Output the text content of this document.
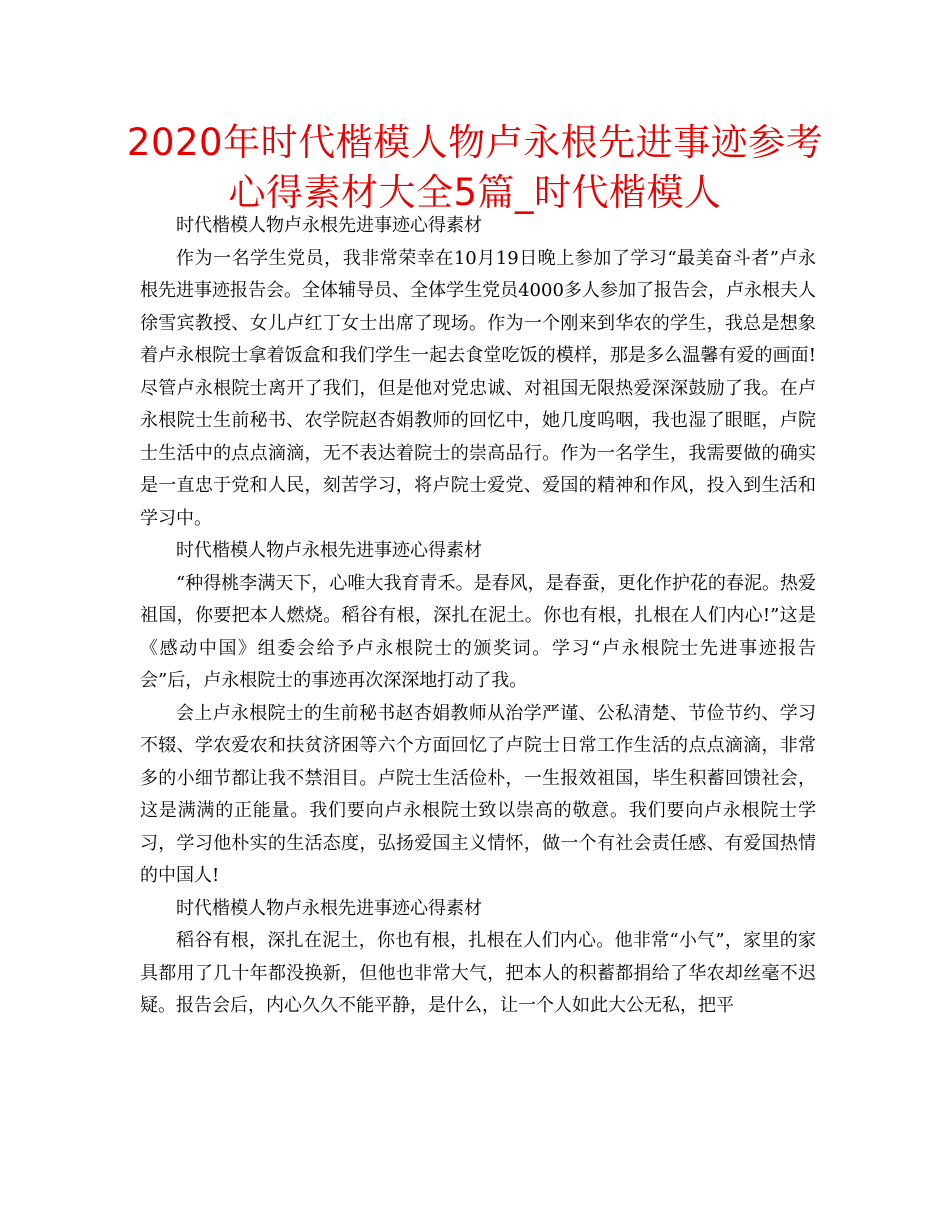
2020年时代楷模人物卢永根先进事迹参考心得素材大全5篇_时代楷模人

时代楷模人物卢永根先进事迹心得素材

作为一名学生党员，我非常荣幸在10月19日晚上参加了学习“最美奋斗者”卢永根先进事迹报告会。全体辅导员、全体学生党员4000多人参加了报告会，卢永根夫人徐雪宾教授、女儿卢红丁女士出席了现场。作为一个刚来到华农的学生，我总是想象着卢永根院士拿着饭盒和我们学生一起去食堂吃饭的模样，那是多么温馨有爱的画面!尽管卢永根院士离开了我们，但是他对党忠诚、对祖国无限热爱深深鼓励了我。在卢永根院士生前秘书、农学院赵杏娟教师的回忆中，她几度呜咽，我也湿了眼眶，卢院士生活中的点点滴滴，无不表达着院士的崇高品行。作为一名学生，我需要做的确实是一直忠于党和人民，刻苦学习，将卢院士爱党、爱国的精神和作风，投入到生活和学习中。

时代楷模人物卢永根先进事迹心得素材

“种得桃李满天下，心唯大我育青禾。是春风，是春蚕，更化作护花的春泥。热爱祖国，你要把本人燃烧。稻谷有根，深扎在泥土。你也有根，扎根在人们内心!”这是《感动中国》组委会给予卢永根院士的颁奖词。学习“卢永根院士先进事迹报告会”后，卢永根院士的事迹再次深深地打动了我。

会上卢永根院士的生前秘书赵杏娟教师从治学严谨、公私清楚、节俭节约、学习不辍、学农爱农和扶贫济困等六个方面回忆了卢院士日常工作生活的点点滴滴，非常多的小细节都让我不禁泪目。卢院士生活俭朴，一生报效祖国，毕生积蓄回馈社会，这是满满的正能量。我们要向卢永根院士致以崇高的敬意。我们要向卢永根院士学习，学习他朴实的生活态度，弘扬爱国主义情怀，做一个有社会责任感、有爱国热情的中国人!

时代楷模人物卢永根先进事迹心得素材

稻谷有根，深扎在泥土，你也有根，扎根在人们内心。他非常“小气”，家里的家具都用了几十年都没换新，但他也非常大气，把本人的积蓄都捐给了华农却丝毫不迟疑。报告会后，内心久久不能平静，是什么，让一个人如此大公无私，把平
